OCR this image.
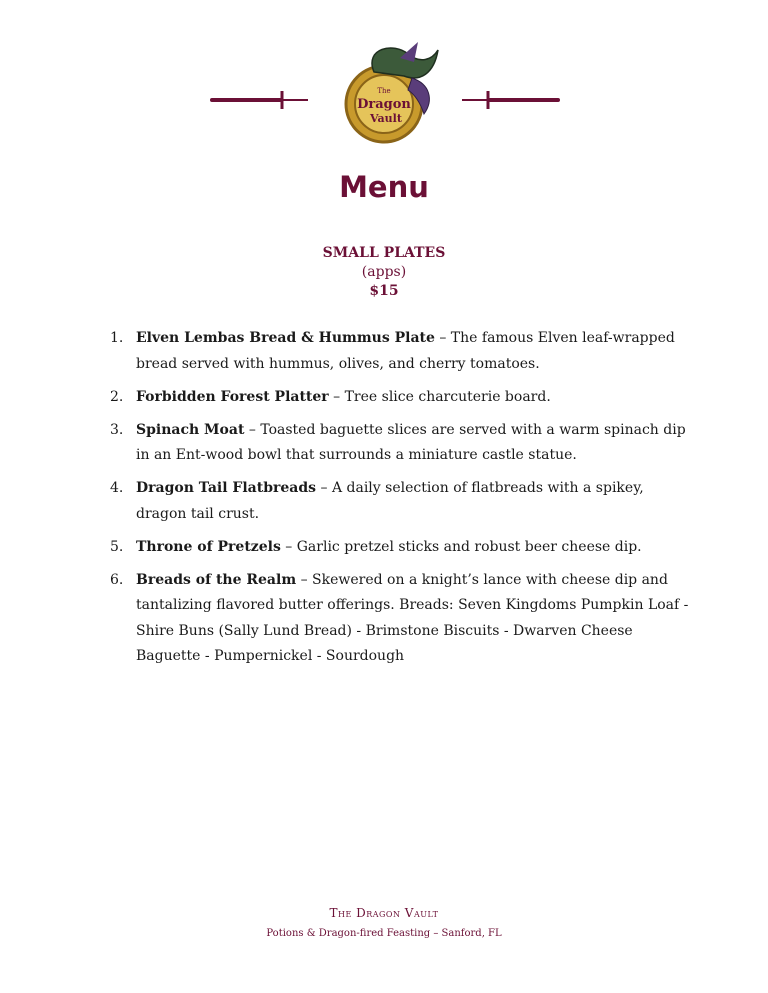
The
Dragon
Vault
Menu
SMALL PLATES
(apps)
$15
1. Elven Lembas Bread & Hummus Plate – The famous Elven leaf-wrapped bread served with hummus, olives, and cherry tomatoes.
2. Forbidden Forest Platter – Tree slice charcuterie board.
3. Spinach Moat – Toasted baguette slices are served with a warm spinach dip in an Ent-wood bowl that surrounds a miniature castle statue.
4. Dragon Tail Flatbreads – A daily selection of flatbreads with a spikey, dragon tail crust.
5. Throne of Pretzels – Garlic pretzel sticks and robust beer cheese dip.
6. Breads of the Realm – Skewered on a knight’s lance with cheese dip and tantalizing flavored butter offerings. Breads: Seven Kingdoms Pumpkin Loaf - Shire Buns (Sally Lund Bread) - Brimstone Biscuits - Dwarven Cheese Baguette - Pumpernickel - Sourdough
The Dragon Vault
Potions & Dragon-fired Feasting – Sanford, FL
